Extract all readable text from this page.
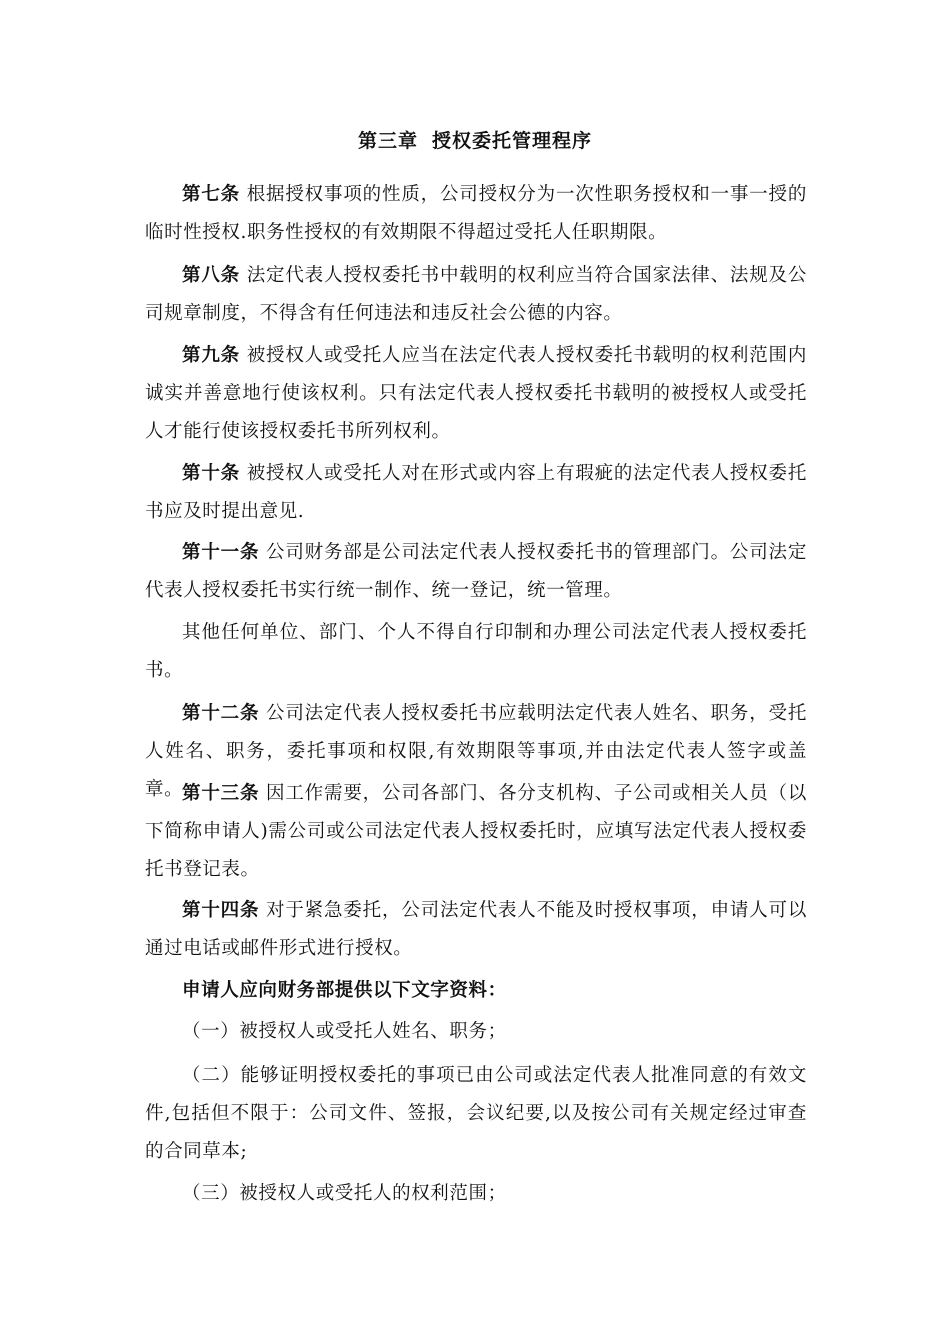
第三章 授权委托管理程序

第七条 根据授权事项的性质，公司授权分为一次性职务授权和一事一授的临时性授权.职务性授权的有效期限不得超过受托人任职期限。

第八条 法定代表人授权委托书中载明的权利应当符合国家法律、法规及公司规章制度，不得含有任何违法和违反社会公德的内容。

第九条 被授权人或受托人应当在法定代表人授权委托书载明的权利范围内诚实并善意地行使该权利。只有法定代表人授权委托书载明的被授权人或受托人才能行使该授权委托书所列权利。

第十条 被授权人或受托人对在形式或内容上有瑕疵的法定代表人授权委托书应及时提出意见.

第十一条 公司财务部是公司法定代表人授权委托书的管理部门。公司法定代表人授权委托书实行统一制作、统一登记，统一管理。

其他任何单位、部门、个人不得自行印制和办理公司法定代表人授权委托书。

第十二条 公司法定代表人授权委托书应载明法定代表人姓名、职务，受托人姓名、职务，委托事项和权限,有效期限等事项,并由法定代表人签字或盖章。

第十三条 因工作需要，公司各部门、各分支机构、子公司或相关人员（以下简称申请人)需公司或公司法定代表人授权委托时，应填写法定代表人授权委托书登记表。

第十四条 对于紧急委托，公司法定代表人不能及时授权事项，申请人可以通过电话或邮件形式进行授权。

申请人应向财务部提供以下文字资料：

（一）被授权人或受托人姓名、职务；

（二）能够证明授权委托的事项已由公司或法定代表人批准同意的有效文件,包括但不限于：公司文件、签报，会议纪要,以及按公司有关规定经过审查的合同草本;

（三）被授权人或受托人的权利范围；
